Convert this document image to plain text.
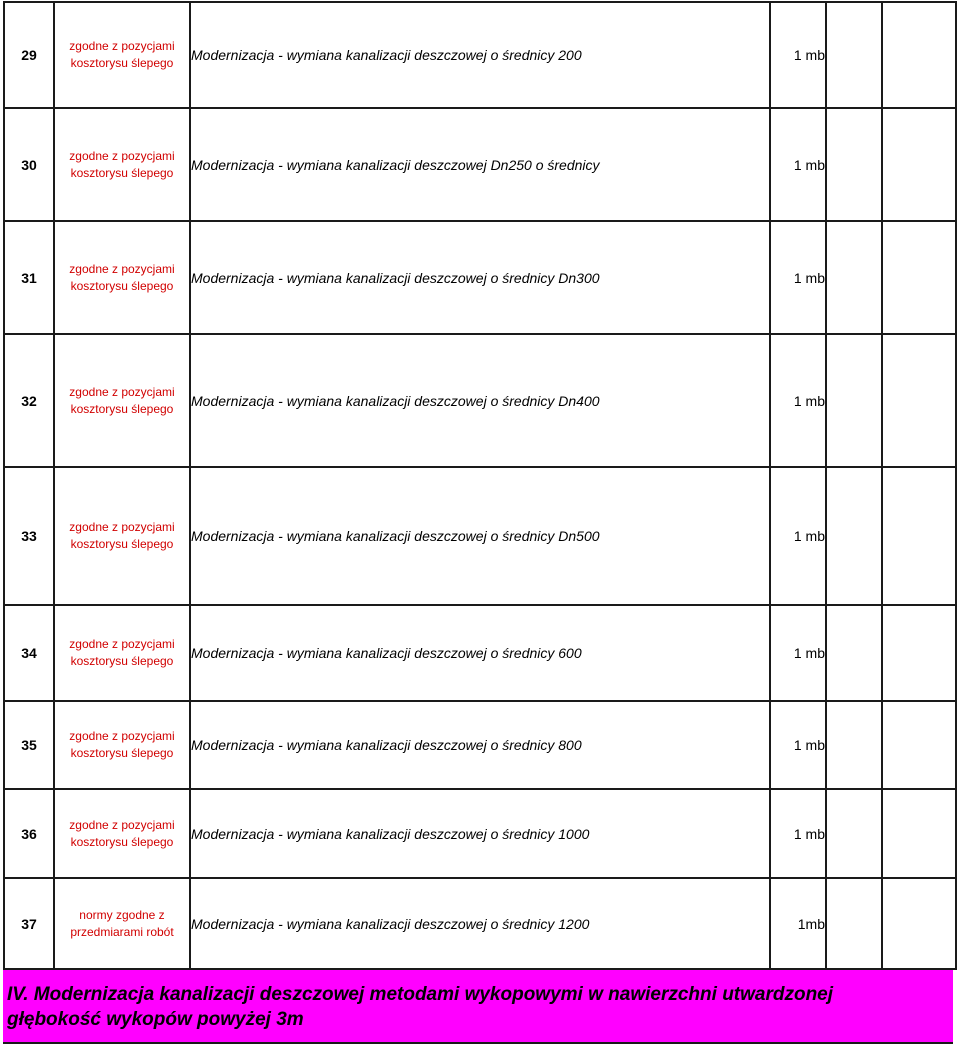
29	zgodne z pozycjami
kosztorysu ślepego	Modernizacja - wymiana kanalizacji deszczowej o średnicy 200	1 mb		
30	zgodne z pozycjami
kosztorysu ślepego	Modernizacja - wymiana kanalizacji deszczowej Dn250 o średnicy	1 mb		
31	zgodne z pozycjami
kosztorysu ślepego	Modernizacja - wymiana kanalizacji deszczowej o średnicy Dn300	1 mb		
32	zgodne z pozycjami
kosztorysu ślepego	Modernizacja - wymiana kanalizacji deszczowej o średnicy Dn400	1 mb		
33	zgodne z pozycjami
kosztorysu ślepego	Modernizacja - wymiana kanalizacji deszczowej o średnicy Dn500	1 mb		
34	zgodne z pozycjami
kosztorysu ślepego	Modernizacja - wymiana kanalizacji deszczowej o średnicy 600	1 mb		
35	zgodne z pozycjami
kosztorysu ślepego	Modernizacja - wymiana kanalizacji deszczowej o średnicy 800	1 mb		
36	zgodne z pozycjami
kosztorysu ślepego	Modernizacja - wymiana kanalizacji deszczowej o średnicy 1000	1 mb		
37	normy zgodne z
przedmiarami robót	Modernizacja - wymiana kanalizacji deszczowej o średnicy 1200	1mb		
IV. Modernizacja kanalizacji deszczowej metodami wykopowymi w nawierzchni utwardzonej
głębokość wykopów powyżej 3m
